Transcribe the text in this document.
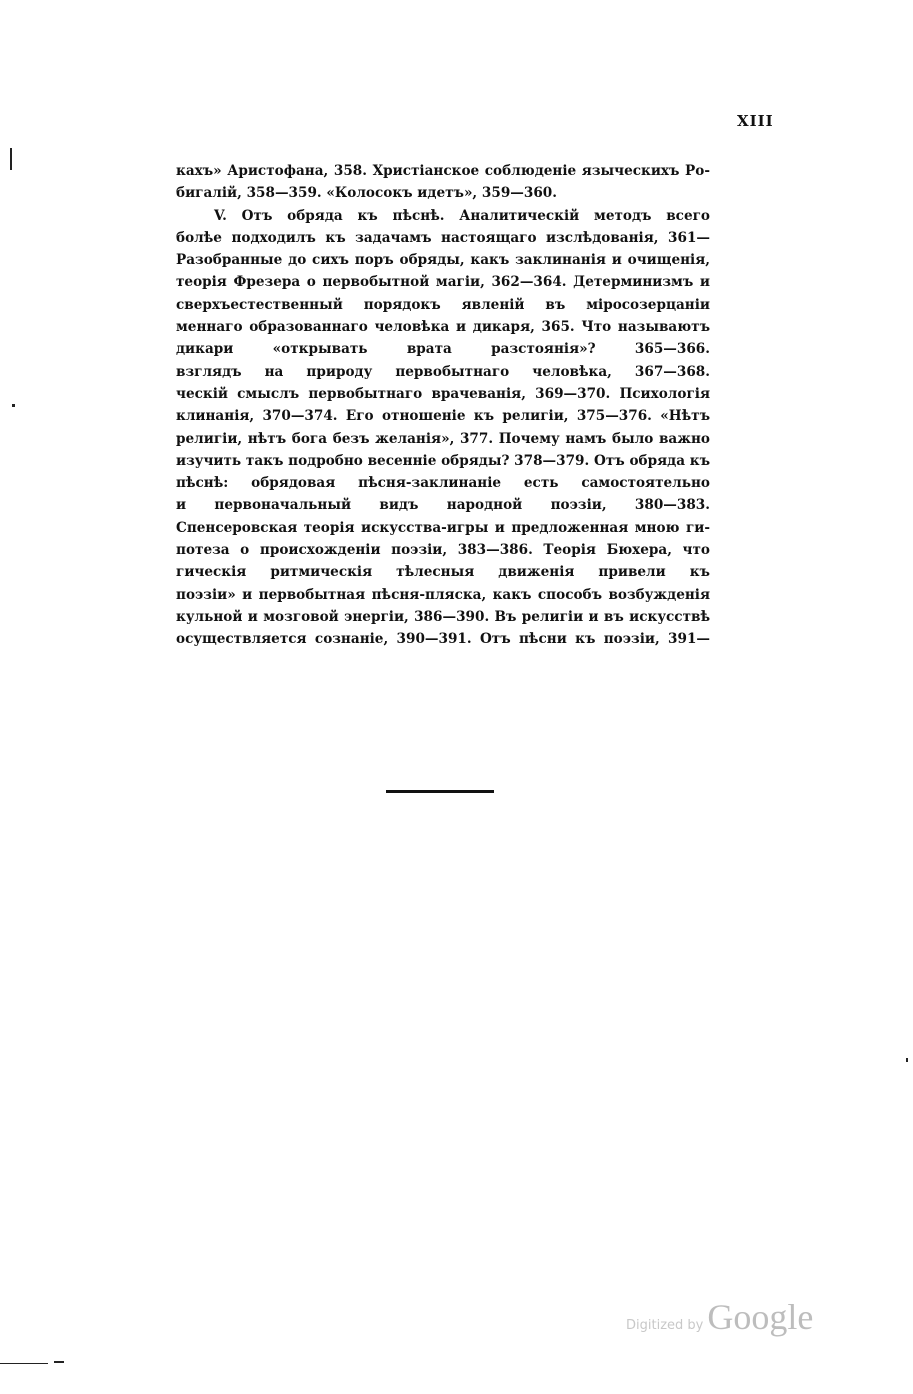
XIII
кахъ» Аристофана, 358. Христіанское соблюденіе языческихъ Ро-
бигалій, 358—359. «Колосокъ идетъ», 359—360.
V. Отъ обряда къ пѣснѣ. Аналитическій методъ всего
болѣе подходилъ къ задачамъ настоящаго изслѣдованія, 361—
Разобранные до сихъ поръ обряды, какъ заклинанія и очищенія,
теорія Фрезера о первобытной магіи, 362—364. Детерминизмъ и
сверхъестественный порядокъ явленій въ міросозерцаніи
меннаго образованнаго человѣка и дикаря, 365. Что называютъ
дикари «открывать врата разстоянія»? 365—366.
взглядъ на природу первобытнаго человѣка, 367—368.
ческій смыслъ первобытнаго врачеванія, 369—370. Психологія
клинанія, 370—374. Его отношеніе къ религіи, 375—376. «Нѣтъ
религіи, нѣтъ бога безъ желанія», 377. Почему намъ было важно
изучить такъ подробно весенніе обряды? 378—379. Отъ обряда къ
пѣснѣ: обрядовая пѣсня-заклинаніе есть самостоятельно
и первоначальный видъ народной поэзіи, 380—383.
Спенсеровская теорія искусства-игры и предложенная мною ги-
потеза о происхожденіи поэзіи, 383—386. Теорія Бюхера, что
гическія ритмическія тѣлесныя движенія привели къ
поэзіи» и первобытная пѣсня-пляска, какъ способъ возбужденія
кульной и мозговой энергіи, 386—390. Въ религіи и въ искусствѣ
осуществляется сознаніе, 390—391. Отъ пѣсни къ поэзіи, 391—
Digitized by Google
